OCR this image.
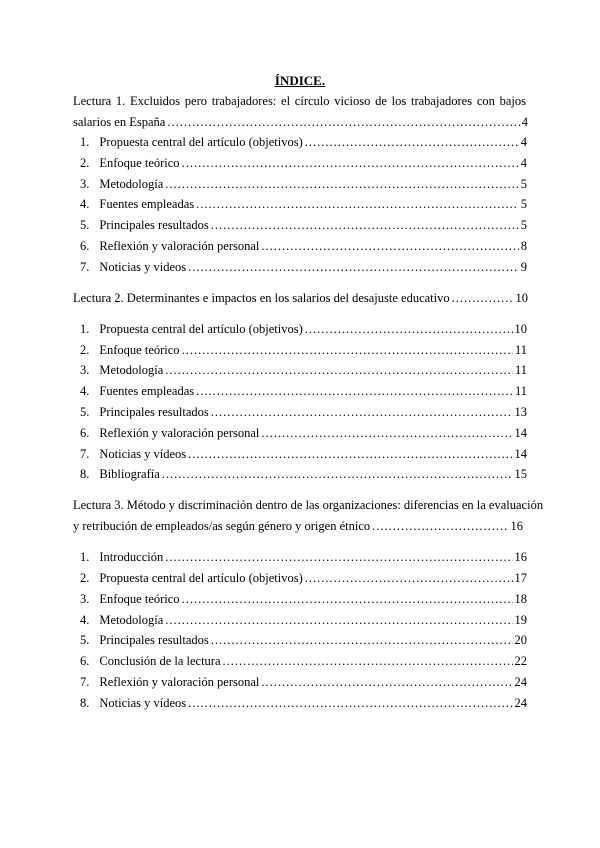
ÍNDICE.
Lectura 1. Excluidos pero trabajadores: el círculo vicioso de los trabajadores con bajos
salarios en España .....	4
1. Propuesta central del artículo (objetivos) .....	4
2. Enfoque teórico .....	4
3. Metodología .....	5
4. Fuentes empleadas .....	5
5. Principales resultados .....	5
6. Reflexión y valoración personal .....	8
7. Noticias y videos .....	9
Lectura 2. Determinantes e impactos en los salarios del desajuste educativo .....	10
1. Propuesta central del artículo (objetivos) .....	10
2. Enfoque teórico .....	11
3. Metodología .....	11
4. Fuentes empleadas .....	11
5. Principales resultados .....	13
6. Reflexión y valoración personal .....	14
7. Noticias y vídeos .....	14
8. Bibliografía .....	15
Lectura 3. Método y discriminación dentro de las organizaciones: diferencias en la evaluación
y retribución de empleados/as según género y origen étnico .....	16
1. Introducción .....	16
2. Propuesta central del artículo (objetivos) .....	17
3. Enfoque teórico .....	18
4. Metodología .....	19
5. Principales resultados .....	20
6. Conclusión de la lectura .....	22
7. Reflexión y valoración personal .....	24
8. Noticias y vídeos .....	24
